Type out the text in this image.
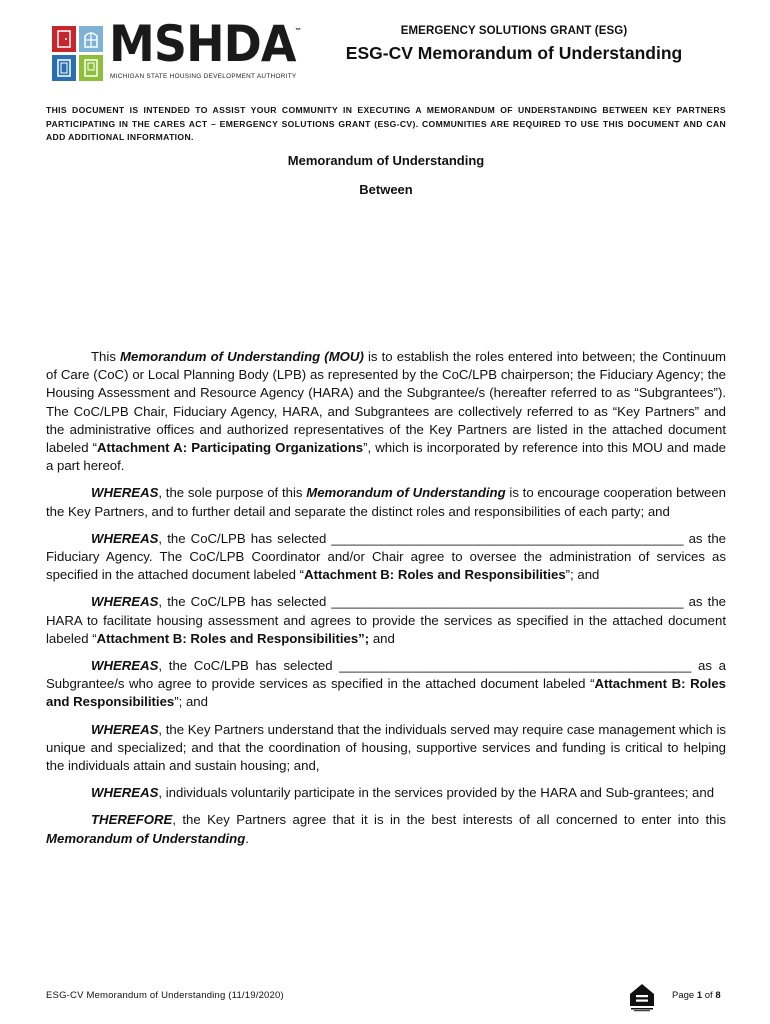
MSHDA ™
MICHIGAN STATE HOUSING DEVELOPMENT AUTHORITY
EMERGENCY SOLUTIONS GRANT (ESG)
ESG-CV Memorandum of Understanding
THIS DOCUMENT IS INTENDED TO ASSIST YOUR COMMUNITY IN EXECUTING A MEMORANDUM OF UNDERSTANDING BETWEEN KEY PARTNERS PARTICIPATING IN THE CARES ACT – EMERGENCY SOLUTIONS GRANT (ESG-CV). COMMUNITIES ARE REQUIRED TO USE THIS DOCUMENT AND CAN ADD ADDITIONAL INFORMATION.
Memorandum of Understanding
Between

This Memorandum of Understanding (MOU) is to establish the roles entered into between; the Continuum of Care (CoC) or Local Planning Body (LPB) as represented by the CoC/LPB chairperson; the Fiduciary Agency; the Housing Assessment and Resource Agency (HARA) and the Subgrantee/s (hereafter referred to as “Subgrantees”). The CoC/LPB Chair, Fiduciary Agency, HARA, and Subgrantees are collectively referred to as “Key Partners” and the administrative offices and authorized representatives of the Key Partners are listed in the attached document labeled “Attachment A: Participating Organizations”, which is incorporated by reference into this MOU and made a part hereof.

WHEREAS, the sole purpose of this Memorandum of Understanding is to encourage cooperation between the Key Partners, and to further detail and separate the distinct roles and responsibilities of each party; and

WHEREAS, the CoC/LPB has selected ________________________________________________ as the Fiduciary Agency. The CoC/LPB Coordinator and/or Chair agree to oversee the administration of services as specified in the attached document labeled “Attachment B: Roles and Responsibilities”; and

WHEREAS, the CoC/LPB has selected ________________________________________________ as the HARA to facilitate housing assessment and agrees to provide the services as specified in the attached document labeled “Attachment B: Roles and Responsibilities”; and

WHEREAS, the CoC/LPB has selected ________________________________________________ as a Subgrantee/s who agree to provide services as specified in the attached document labeled “Attachment B: Roles and Responsibilities”; and

WHEREAS, the Key Partners understand that the individuals served may require case management which is unique and specialized; and that the coordination of housing, supportive services and funding is critical to helping the individuals attain and sustain housing; and,

WHEREAS, individuals voluntarily participate in the services provided by the HARA and Sub-grantees; and

THEREFORE, the Key Partners agree that it is in the best interests of all concerned to enter into this Memorandum of Understanding.

ESG-CV Memorandum of Understanding (11/19/2020)	Page 1 of 8
